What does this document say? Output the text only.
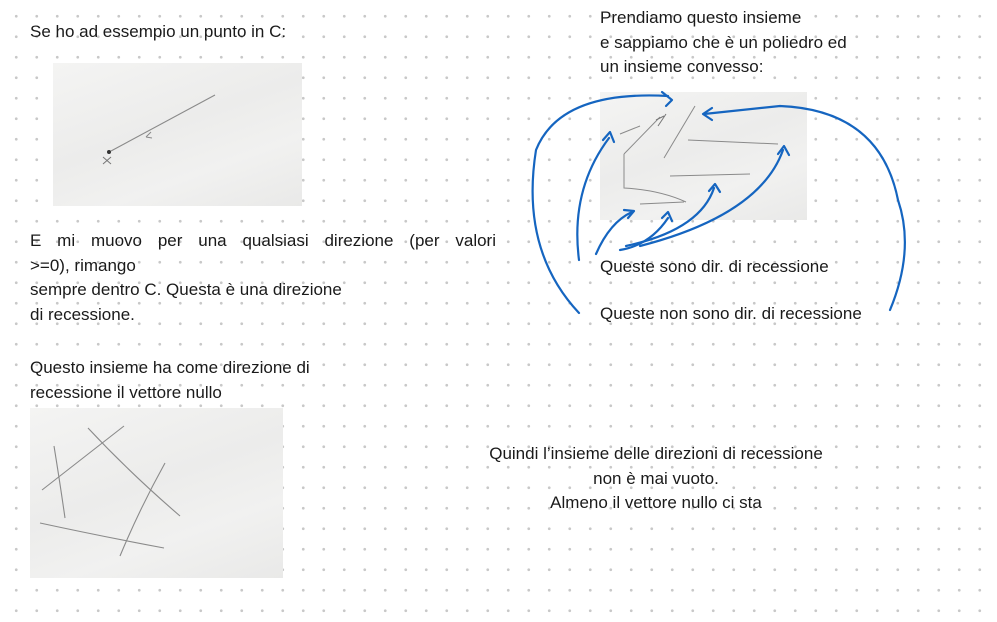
Se ho ad essempio un punto in C:

E mi muovo per una qualsiasi direzione (per valori
>=0), rimango
sempre dentro C. Questa è una direzione
di recessione.
Questo insieme ha come direzione di
recessione il vettore nullo
Prendiamo questo insieme
e sappiamo che è un poliedro ed
un insieme convesso:

Queste sono dir. di recessione

Queste non sono dir. di recessione

Quindi l’insieme delle direzioni di recessione
non è mai vuoto.
Almeno il vettore nullo ci sta
